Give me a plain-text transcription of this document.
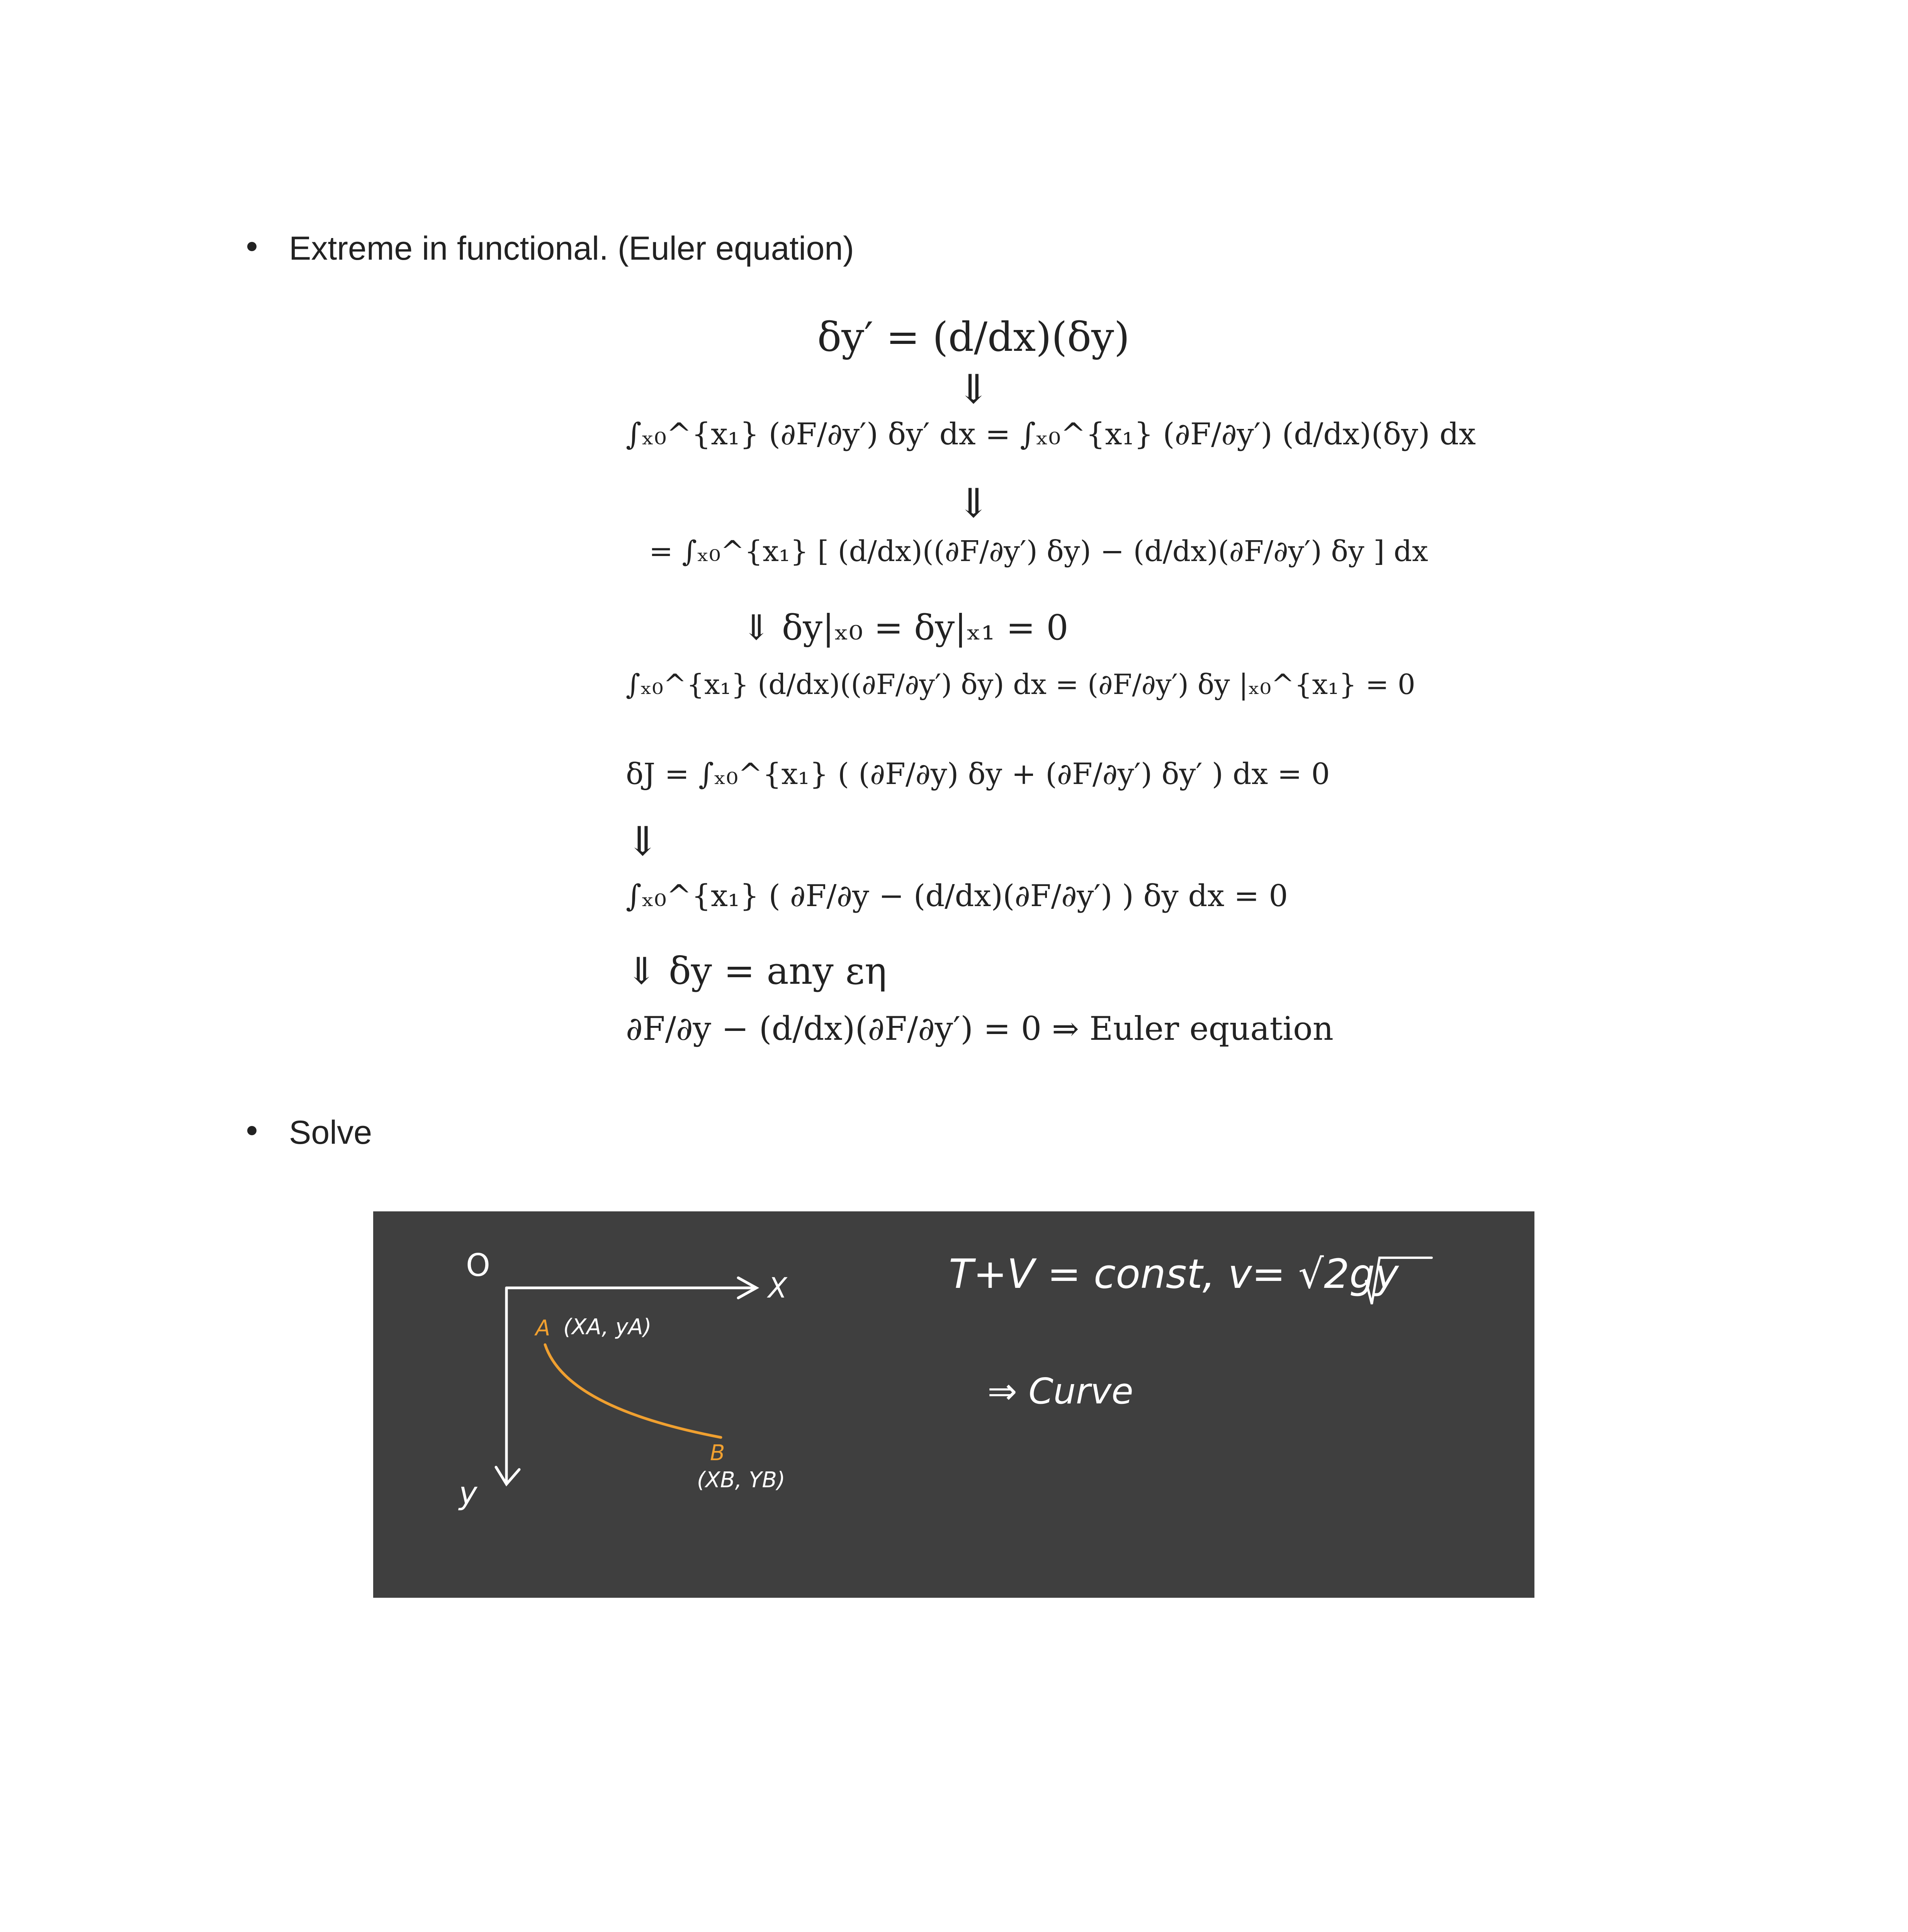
Extreme in functional. (Euler equation)
δy′ = (d/dx)(δy)
⇓
∫ₓ₀^{x₁} (∂F/∂y′) δy′ dx = ∫ₓ₀^{x₁} (∂F/∂y′) (d/dx)(δy) dx
⇓
= ∫ₓ₀^{x₁} [ (d/dx)((∂F/∂y′) δy) − (d/dx)(∂F/∂y′) δy ] dx
⇓ δy|ₓ₀ = δy|ₓ₁ = 0
∫ₓ₀^{x₁} (d/dx)((∂F/∂y′) δy) dx = (∂F/∂y′) δy |ₓ₀^{x₁} = 0
δJ = ∫ₓ₀^{x₁} ( (∂F/∂y) δy + (∂F/∂y′) δy′ ) dx = 0
⇓
∫ₓ₀^{x₁} ( ∂F/∂y − (d/dx)(∂F/∂y′) ) δy dx = 0
⇓ δy = any εη
∂F/∂y − (d/dx)(∂F/∂y′) = 0 ⇒ Euler equation
Solve
O
X
y
A (XA, yA)
B
(XB, YB)
T+V = const, v= √2gy
⇒ Curve
